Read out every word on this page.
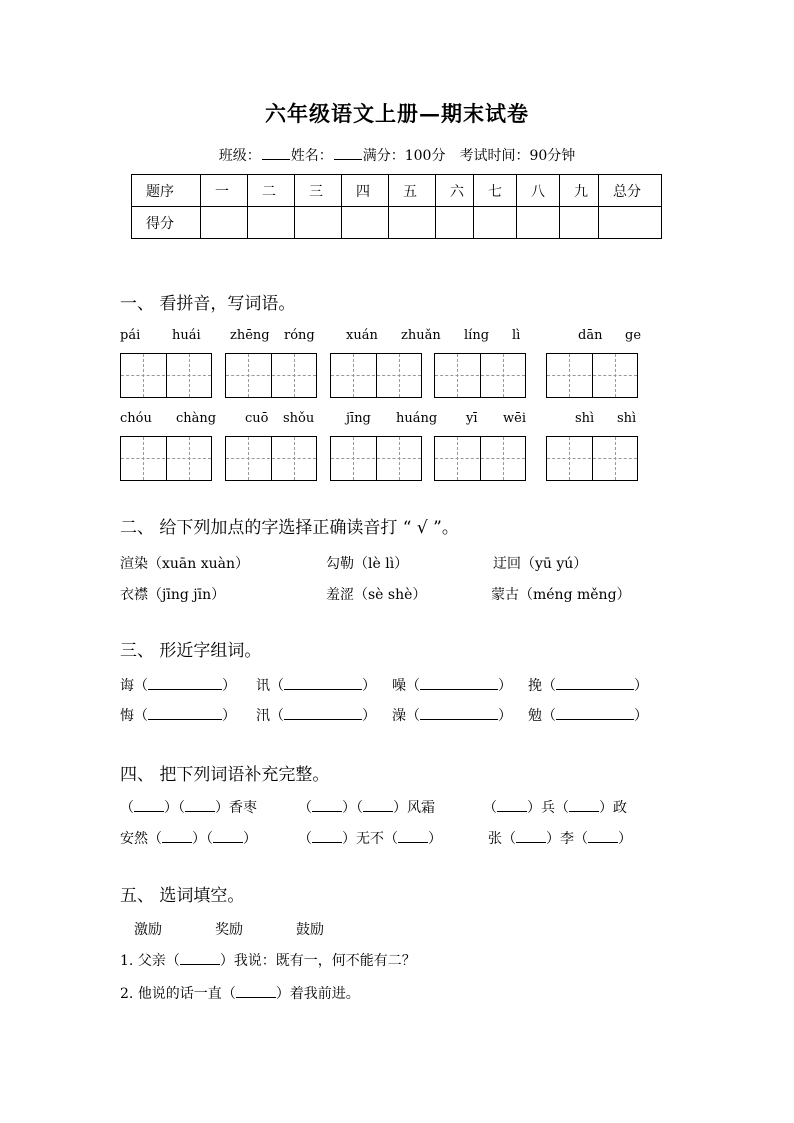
六年级语文上册—期末试卷
班级： 姓名： 满分：100分 考试时间：90分钟
题序	一	二	三	四	五	六	七	八	九	总分
得分										
一、 看拼音，写词语。
pái huái zhēng róng xuán zhuǎn líng lì	dān ge
chóu chàng cuō shǒu jīng huáng yī wēi	shì shì
二、 给下列加点的字选择正确读音打 “ √ ”。
渲染（xuān xuàn）	勾勒（lè lì）	迂回（yū yú）
衣襟（jīng jīn）	羞涩（sè shè）	蒙古（méng měng）
三、 形近字组词。
诲（	） 讯（	） 噪（	） 挽（	）
悔（	） 汛（	） 澡（	） 勉（	）
四、 把下列词语补充完整。
（ ）（ ）香枣	（ ）（ ）风霜	（ ）兵（ ）政
安然（ ）（ ）	（ ）无不（ ）	张（ ）李（ ）
五、 选词填空。
激励	奖励	鼓励
1. 父亲（	）我说：既有一，何不能有二？
2. 他说的话一直（	）着我前进。
